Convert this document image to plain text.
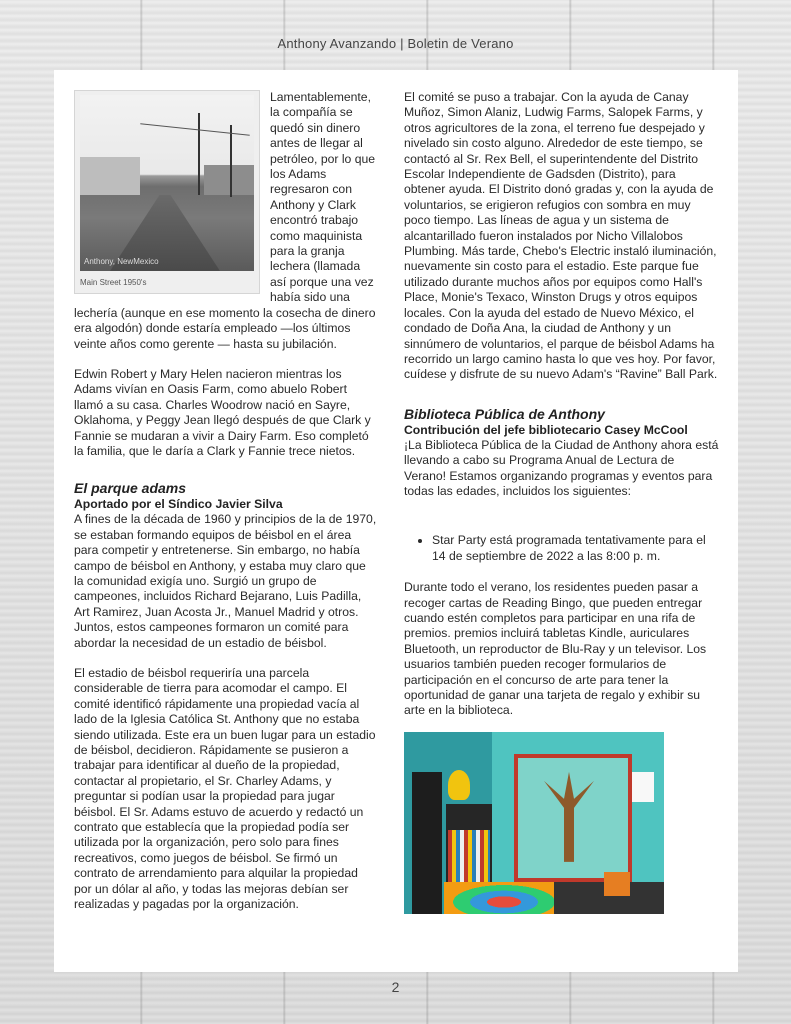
Anthony Avanzando | Boletin de Verano
Anthony, NewMexico
Main Street 1950's

Lamentablemente, la compañía se quedó sin dinero antes de llegar al petróleo, por lo que los Adams regresaron con Anthony y Clark encontró trabajo como maquinista para la granja lechera (llamada así porque una vez había sido una lechería (aunque en ese momento la cosecha de dinero era algodón) donde estaría empleado —los últimos veinte años como gerente — hasta su jubilación.

Edwin Robert y Mary Helen nacieron mientras los Adams vivían en Oasis Farm, como abuelo Robert llamó a su casa. Charles Woodrow nació en Sayre, Oklahoma, y Peggy Jean llegó después de que Clark y Fannie se mudaran a vivir a Dairy Farm. Eso completó la familia, que le daría a Clark y Fannie trece nietos.

El parque adams
Aportado por el Síndico Javier Silva

A fines de la década de 1960 y principios de la de 1970, se estaban formando equipos de béisbol en el área para competir y entretenerse. Sin embargo, no había campo de béisbol en Anthony, y estaba muy claro que la comunidad exigía uno. Surgió un grupo de campeones, incluidos Richard Bejarano, Luis Padilla, Art Ramirez, Juan Acosta Jr., Manuel Madrid y otros. Juntos, estos campeones formaron un comité para abordar la necesidad de un estadio de béisbol.

El estadio de béisbol requeriría una parcela considerable de tierra para acomodar el campo. El comité identificó rápidamente una propiedad vacía al lado de la Iglesia Católica St. Anthony que no estaba siendo utilizada. Este era un buen lugar para un estadio de béisbol, decidieron. Rápidamente se pusieron a trabajar para identificar al dueño de la propiedad, contactar al propietario, el Sr. Charley Adams, y preguntar si podían usar la propiedad para jugar béisbol. El Sr. Adams estuvo de acuerdo y redactó un contrato que establecía que la propiedad podía ser utilizada por la organización, pero solo para fines recreativos, como juegos de béisbol. Se firmó un contrato de arrendamiento para alquilar la propiedad por un dólar al año, y todas las mejoras debían ser realizadas y pagadas por la organización.

El comité se puso a trabajar. Con la ayuda de Canay Muñoz, Simon Alaniz, Ludwig Farms, Salopek Farms, y otros agricultores de la zona, el terreno fue despejado y nivelado sin costo alguno. Alrededor de este tiempo, se contactó al Sr. Rex Bell, el superintendente del Distrito Escolar Independiente de Gadsden (Distrito), para obtener ayuda. El Distrito donó gradas y, con la ayuda de voluntarios, se erigieron refugios con sombra en muy poco tiempo. Las líneas de agua y un sistema de alcantarillado fueron instalados por Nicho Villalobos Plumbing. Más tarde, Chebo's Electric instaló iluminación, nuevamente sin costo para el estadio. Este parque fue utilizado durante muchos años por equipos como Hall's Place, Monie's Texaco, Winston Drugs y otros equipos locales. Con la ayuda del estado de Nuevo México, el condado de Doña Ana, la ciudad de Anthony y un sinnúmero de voluntarios, el parque de béisbol Adams ha recorrido un largo camino hasta lo que ves hoy. Por favor, cuídese y disfrute de su nuevo Adam's “Ravine” Ball Park.

Biblioteca Pública de Anthony
Contribución del jefe bibliotecario Casey McCool

¡La Biblioteca Pública de la Ciudad de Anthony ahora está llevando a cabo su Programa Anual de Lectura de Verano! Estamos organizando programas y eventos para todas las edades, incluidos los siguientes:

• Star Party está programada tentativamente para el 14 de septiembre de 2022 a las 8:00 p. m.

Durante todo el verano, los residentes pueden pasar a recoger cartas de Reading Bingo, que pueden entregar cuando estén completos para participar en una rifa de premios. premios incluirá tabletas Kindle, auriculares Bluetooth, un reproductor de Blu-Ray y un televisor. Los usuarios también pueden recoger formularios de participación en el concurso de arte para tener la oportunidad de ganar una tarjeta de regalo y exhibir su arte en la biblioteca.

2
